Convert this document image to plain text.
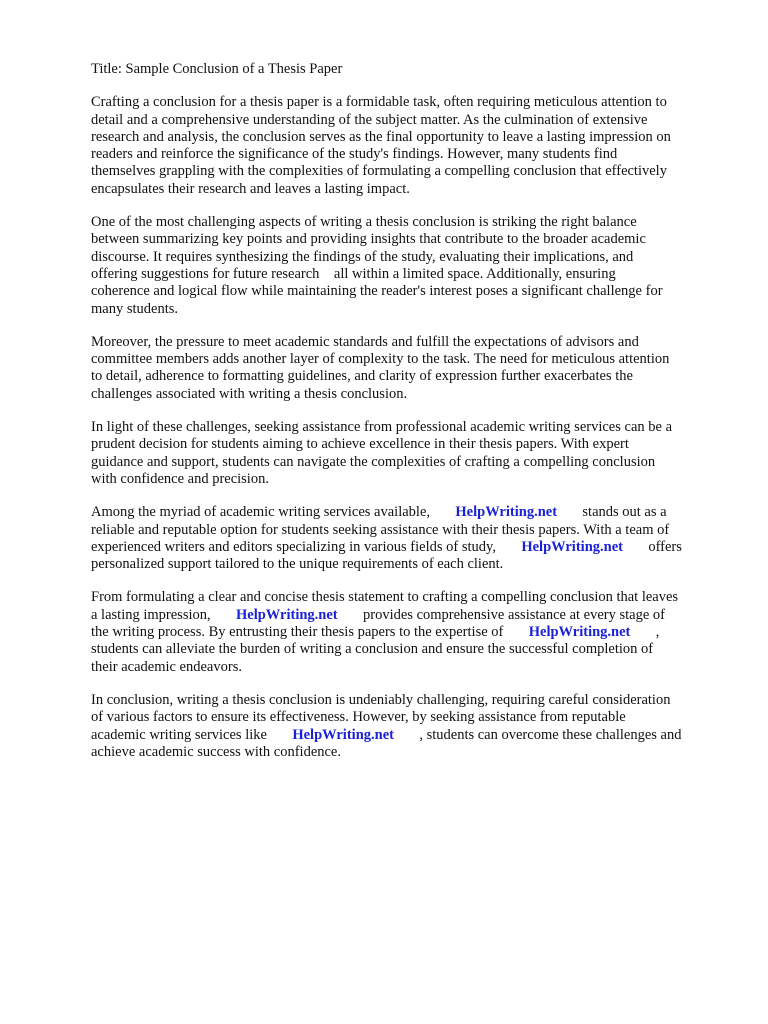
Title: Sample Conclusion of a Thesis Paper
Crafting a conclusion for a thesis paper is a formidable task, often requiring meticulous attention to
detail and a comprehensive understanding of the subject matter. As the culmination of extensive
research and analysis, the conclusion serves as the final opportunity to leave a lasting impression on
readers and reinforce the significance of the study's findings. However, many students find
themselves grappling with the complexities of formulating a compelling conclusion that effectively
encapsulates their research and leaves a lasting impact.
One of the most challenging aspects of writing a thesis conclusion is striking the right balance
between summarizing key points and providing insights that contribute to the broader academic
discourse. It requires synthesizing the findings of the study, evaluating their implications, and
offering suggestions for future research    all within a limited space. Additionally, ensuring
coherence and logical flow while maintaining the reader's interest poses a significant challenge for
many students.
Moreover, the pressure to meet academic standards and fulfill the expectations of advisors and
committee members adds another layer of complexity to the task. The need for meticulous attention
to detail, adherence to formatting guidelines, and clarity of expression further exacerbates the
challenges associated with writing a thesis conclusion.
In light of these challenges, seeking assistance from professional academic writing services can be a
prudent decision for students aiming to achieve excellence in their thesis papers. With expert
guidance and support, students can navigate the complexities of crafting a compelling conclusion
with confidence and precision.
Among the myriad of academic writing services available,       HelpWriting.net       stands out as a
reliable and reputable option for students seeking assistance with their thesis papers. With a team of
experienced writers and editors specializing in various fields of study,       HelpWriting.net       offers
personalized support tailored to the unique requirements of each client.
From formulating a clear and concise thesis statement to crafting a compelling conclusion that leaves
a lasting impression,       HelpWriting.net       provides comprehensive assistance at every stage of
the writing process. By entrusting their thesis papers to the expertise of       HelpWriting.net       ,
students can alleviate the burden of writing a conclusion and ensure the successful completion of
their academic endeavors.
In conclusion, writing a thesis conclusion is undeniably challenging, requiring careful consideration
of various factors to ensure its effectiveness. However, by seeking assistance from reputable
academic writing services like       HelpWriting.net       , students can overcome these challenges and
achieve academic success with confidence.
